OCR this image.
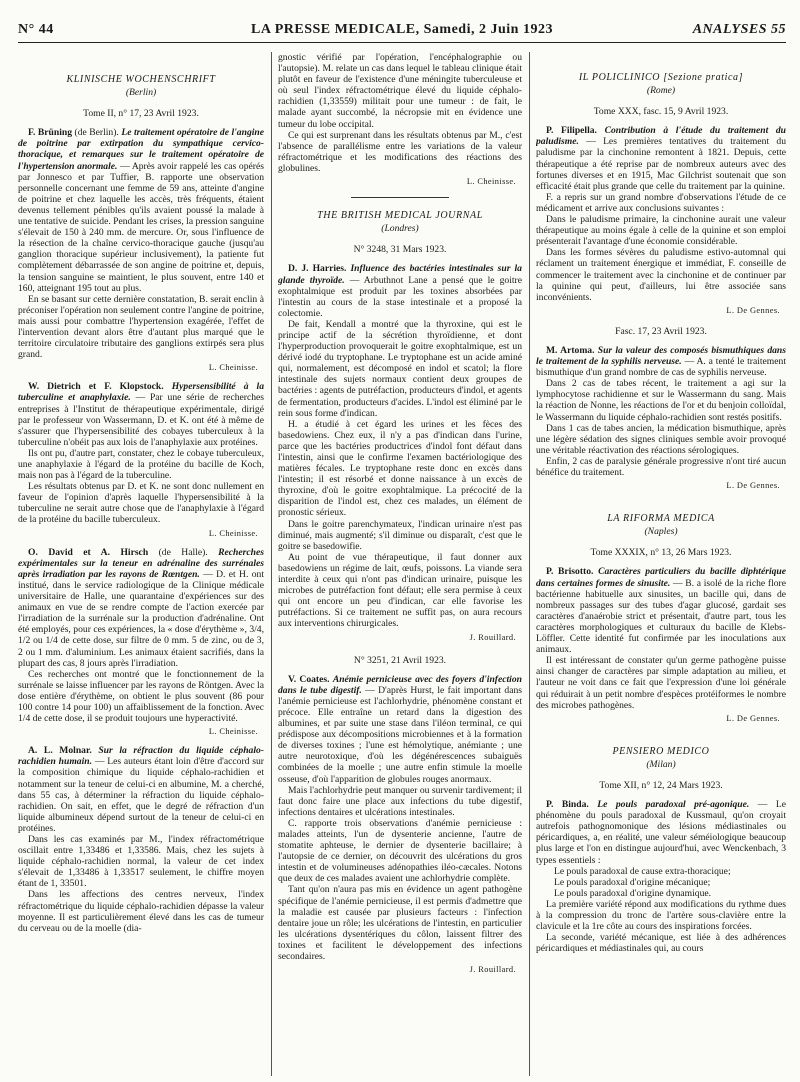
N° 44	LA PRESSE MEDICALE, Samedi, 2 Juin 1923	ANALYSES 55
KLINISCHE WOCHENSCHRIFT
(Berlin)
Tome II, n° 17, 23 Avril 1923.

F. Brüning (de Berlin). Le traitement opératoire de l'angine de poitrine par extirpation du sympathique cervico-thoracique, et remarques sur le traitement opératoire de l'hypertension anormale. — Après avoir rappelé les cas opérés par Jonnesco et par Tuffier, B. rapporte une observation personnelle concernant une femme de 59 ans, atteinte d'angine de poitrine et chez laquelle les accès, très fréquents, étaient devenus tellement pénibles qu'ils avaient poussé la malade à une tentative de suicide. Pendant les crises, la pression sanguine s'élevait de 150 à 240 mm. de mercure. Or, sous l'influence de la résection de la chaîne cervico-thoracique gauche (jusqu'au ganglion thoracique supérieur inclusivement), la patiente fut complètement débarrassée de son angine de poitrine et, depuis, la tension sanguine se maintient, le plus souvent, entre 140 et 160, atteignant 195 tout au plus.

En se basant sur cette dernière constatation, B. serait enclin à préconiser l'opération non seulement contre l'angine de poitrine, mais aussi pour combattre l'hypertension exagérée, l'effet de l'intervention devant alors être d'autant plus marqué que le territoire circulatoire tributaire des ganglions extirpés sera plus grand.

L. Cheinisse.

W. Dietrich et F. Klopstock. Hypersensibilité à la tuberculine et anaphylaxie. — Par une série de recherches entreprises à l'Institut de thérapeutique expérimentale, dirigé par le professeur von Wassermann, D. et K. ont été à même de s'assurer que l'hypersensibilité des cobayes tuberculeux à la tuberculine n'obéit pas aux lois de l'anaphylaxie aux protéines.

Ils ont pu, d'autre part, constater, chez le cobaye tuberculeux, une anaphylaxie à l'égard de la protéine du bacille de Koch, mais non pas à l'égard de la tuberculine.

Les résultats obtenus par D. et K. ne sont donc nullement en faveur de l'opinion d'après laquelle l'hypersensibilité à la tuberculine ne serait autre chose que de l'anaphylaxie à l'égard de la protéine du bacille tuberculeux.

L. Cheinisse.

O. David et A. Hirsch (de Halle). Recherches expérimentales sur la teneur en adrénaline des surrénales après irradiation par les rayons de Rœntgen. — D. et H. ont institué, dans le service radiologique de la Clinique médicale universitaire de Halle, une quarantaine d'expériences sur des animaux en vue de se rendre compte de l'action exercée par l'irradiation de la surrénale sur la production d'adrénaline. Ont été employés, pour ces expériences, la « dose d'érythème », 3/4, 1/2 ou 1/4 de cette dose, sur filtre de 0 mm. 5 de zinc, ou de 3, 2 ou 1 mm. d'aluminium. Les animaux étaient sacrifiés, dans la plupart des cas, 8 jours après l'irradiation.

Ces recherches ont montré que le fonctionnement de la surrénale se laisse influencer par les rayons de Röntgen. Avec la dose entière d'érythème, on obtient le plus souvent (86 pour 100 contre 14 pour 100) un affaiblissement de la fonction. Avec 1/4 de cette dose, il se produit toujours une hyperactivité.

L. Cheinisse.

A. L. Molnar. Sur la réfraction du liquide céphalo-rachidien humain. — Les auteurs étant loin d'être d'accord sur la composition chimique du liquide céphalo-rachidien et notamment sur la teneur de celui-ci en albumine, M. a cherché, dans 55 cas, à déterminer la réfraction du liquide céphalo-rachidien. On sait, en effet, que le degré de réfraction d'un liquide albumineux dépend surtout de la teneur de celui-ci en protéines.

Dans les cas examinés par M., l'index réfractométrique oscillait entre 1,33486 et 1,33586. Mais, chez les sujets à liquide céphalo-rachidien normal, la valeur de cet index s'élevait de 1,33486 à 1,33517 seulement, le chiffre moyen étant de 1, 33501.

Dans les affections des centres nerveux, l'index réfractométrique du liquide céphalo-rachidien dépasse la valeur moyenne. Il est particulièrement élevé dans les cas de tumeur du cerveau ou de la moelle (dia-

gnostic vérifié par l'opération, l'encéphalographie ou l'autopsie). M. relate un cas dans lequel le tableau clinique était plutôt en faveur de l'existence d'une méningite tuberculeuse et où seul l'index réfractométrique élevé du liquide céphalo-rachidien (1,33559) militait pour une tumeur : de fait, le malade ayant succombé, la nécropsie mit en évidence une tumeur du lobe occipital.

Ce qui est surprenant dans les résultats obtenus par M., c'est l'absence de parallélisme entre les variations de la valeur réfractométrique et les modifications des réactions des globulines.

L. Cheinisse.

THE BRITISH MEDICAL JOURNAL
(Londres)
N° 3248, 31 Mars 1923.

D. J. Harries. Influence des bactéries intestinales sur la glande thyroïde. — Arbuthnot Lane a pensé que le goitre exophtalmique est produit par les toxines absorbées par l'intestin au cours de la stase intestinale et a proposé la colectomie.

De fait, Kendall a montré que la thyroxine, qui est le principe actif de la sécrétion thyroïdienne, et dont l'hyperproduction provoquerait le goitre exophtalmique, est un dérivé iodé du tryptophane. Le tryptophane est un acide aminé qui, normalement, est décomposé en indol et scatol; la flore intestinale des sujets normaux contient deux groupes de bactéries : agents de putréfaction, producteurs d'indol, et agents de fermentation, producteurs d'acides. L'indol est éliminé par le rein sous forme d'indican.

H. a étudié à cet égard les urines et les fèces des basedowiens. Chez eux, il n'y a pas d'indican dans l'urine, parce que les bactéries productrices d'indol font défaut dans l'intestin, ainsi que le confirme l'examen bactériologique des matières fécales. Le tryptophane reste donc en excès dans l'intestin; il est résorbé et donne naissance à un excès de thyroxine, d'où le goitre exophtalmique. La précocité de la disparition de l'indol est, chez ces malades, un élément de pronostic sérieux.

Dans le goitre parenchymateux, l'indican urinaire n'est pas diminué, mais augmenté; s'il diminue ou disparaît, c'est que le goitre se basedowifie.

Au point de vue thérapeutique, il faut donner aux basedowiens un régime de lait, œufs, poissons. La viande sera interdite à ceux qui n'ont pas d'indican urinaire, puisque les microbes de putréfaction font défaut; elle sera permise à ceux qui ont encore un peu d'indican, car elle favorise les putréfactions. Si ce traitement ne suffit pas, on aura recours aux interventions chirurgicales.

J. Rouillard.

N° 3251, 21 Avril 1923.

V. Coates. Anémie pernicieuse avec des foyers d'infection dans le tube digestif. — D'après Hurst, le fait important dans l'anémie pernicieuse est l'achlorhydrie, phénomène constant et précoce. Elle entraîne un retard dans la digestion des albumines, et par suite une stase dans l'iléon terminal, ce qui prédispose aux décompositions microbiennes et à la formation de diverses toxines ; l'une est hémolytique, anémiante ; une autre neurotoxique, d'où les dégénérescences subaiguës combinées de la moelle ; une autre enfin stimule la moelle osseuse, d'où l'apparition de globules rouges anormaux.

Mais l'achlorhydrie peut manquer ou survenir tardivement; il faut donc faire une place aux infections du tube digestif, infections dentaires et ulcérations intestinales.

C. rapporte trois observations d'anémie pernicieuse : malades atteints, l'un de dysenterie ancienne, l'autre de stomatite aphteuse, le dernier de dysenterie bacillaire; à l'autopsie de ce dernier, on découvrit des ulcérations du gros intestin et de volumineuses adénopathies iléo-cæcales. Notons que deux de ces malades avaient une achlorhydrie complète.

Tant qu'on n'aura pas mis en évidence un agent pathogène spécifique de l'anémie pernicieuse, il est permis d'admettre que la maladie est causée par plusieurs facteurs : l'infection dentaire joue un rôle; les ulcérations de l'intestin, en particulier les ulcérations dysentériques du côlon, laissent filtrer des toxines et facilitent le développement des infections secondaires.

J. Rouillard.

IL POLICLINICO [Sezione pratica]
(Rome)
Tome XXX, fasc. 15, 9 Avril 1923.

P. Filipella. Contribution à l'étude du traitement du paludisme. — Les premières tentatives du traitement du paludisme par la cinchonine remontent à 1821. Depuis, cette thérapeutique a été reprise par de nombreux auteurs avec des fortunes diverses et en 1915, Mac Gilchrist soutenait que son efficacité était plus grande que celle du traitement par la quinine.

F. a repris sur un grand nombre d'observations l'étude de ce médicament et arrive aux conclusions suivantes :

Dans le paludisme primaire, la cinchonine aurait une valeur thérapeutique au moins égale à celle de la quinine et son emploi présenterait l'avantage d'une économie considérable.

Dans les formes sévères du paludisme estivo-automnal qui réclament un traitement énergique et immédiat, F. conseille de commencer le traitement avec la cinchonine et de continuer par la quinine qui peut, d'ailleurs, lui être associée sans inconvénients.

L. De Gennes.

Fasc. 17, 23 Avril 1923.

M. Artoma. Sur la valeur des composés bismuthiques dans le traitement de la syphilis nerveuse. — A. a tenté le traitement bismuthique d'un grand nombre de cas de syphilis nerveuse.

Dans 2 cas de tabes récent, le traitement a agi sur la lymphocytose rachidienne et sur le Wassermann du sang. Mais la réaction de Nonne, les réactions de l'or et du benjoin colloïdal, le Wassermann du liquide céphalo-rachidien sont restés positifs.

Dans 1 cas de tabes ancien, la médication bismuthique, après une légère sédation des signes cliniques semble avoir provoqué une véritable réactivation des réactions sérologiques.

Enfin, 2 cas de paralysie générale progressive n'ont tiré aucun bénéfice du traitement.

L. De Gennes.

LA RIFORMA MEDICA
(Naples)
Tome XXXIX, n° 13, 26 Mars 1923.

P. Brisotto. Caractères particuliers du bacille diphtérique dans certaines formes de sinusite. — B. a isolé de la riche flore bactérienne habituelle aux sinusites, un bacille qui, dans de nombreux passages sur des tubes d'agar glucosé, gardait ses caractères d'anaérobie strict et présentait, d'autre part, tous les caractères morphologiques et culturaux du bacille de Klebs-Löffler. Cette identité fut confirmée par les inoculations aux animaux.

Il est intéressant de constater qu'un germe pathogène puisse ainsi changer de caractères par simple adaptation au milieu, et l'auteur ne voit dans ce fait que l'expression d'une loi générale qui réduirait à un petit nombre d'espèces protéiformes le nombre des microbes pathogènes.

L. De Gennes.

PENSIERO MEDICO
(Milan)
Tome XII, n° 12, 24 Mars 1923.

P. Binda. Le pouls paradoxal pré-agonique. — Le phénomène du pouls paradoxal de Kussmaul, qu'on croyait autrefois pathognomonique des lésions médiastinales ou péricardiques, a, en réalité, une valeur séméiologique beaucoup plus large et l'on en distingue aujourd'hui, avec Wenckenbach, 3 types essentiels :

Le pouls paradoxal de cause extra-thoracique;

Le pouls paradoxal d'origine mécanique;

Le pouls paradoxal d'origine dynamique.

La première variété répond aux modifications du rythme dues à la compression du tronc de l'artère sous-clavière entre la clavicule et la 1re côte au cours des inspirations forcées.

La seconde, variété mécanique, est liée à des adhérences péricardiques et médiastinales qui, au cours
